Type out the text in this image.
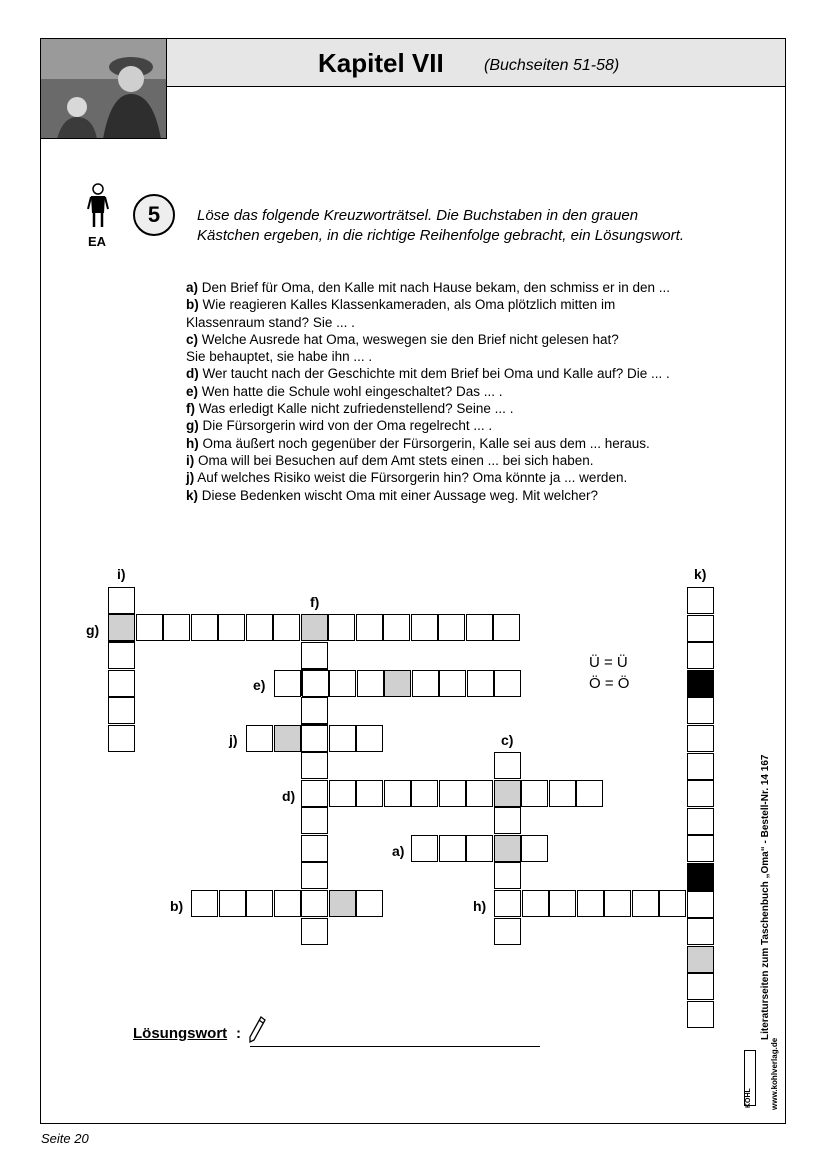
Kapitel VII	(Buchseiten 51-58)
EA
5	Löse das folgende Kreuzworträtsel. Die Buchstaben in den grauen
Kästchen ergeben, in die richtige Reihenfolge gebracht, ein Lösungswort.
a) Den Brief für Oma, den Kalle mit nach Hause bekam, den schmiss er in den ...
b) Wie reagieren Kalles Klassenkameraden, als Oma plötzlich mitten im
Klassenraum stand? Sie ... .
c) Welche Ausrede hat Oma, weswegen sie den Brief nicht gelesen hat?
Sie behauptet, sie habe ihn ... .
d) Wer taucht nach der Geschichte mit dem Brief bei Oma und Kalle auf? Die ... .
e) Wen hatte die Schule wohl eingeschaltet? Das ... .
f) Was erledigt Kalle nicht zufriedenstellend? Seine ... .
g) Die Fürsorgerin wird von der Oma regelrecht ... .
h) Oma äußert noch gegenüber der Fürsorgerin, Kalle sei aus dem ... heraus.
i) Oma will bei Besuchen auf dem Amt stets einen ... bei sich haben.
j) Auf welches Risiko weist die Fürsorgerin hin? Oma könnte ja ... werden.
k) Diese Bedenken wischt Oma mit einer Aussage weg. Mit welcher?
i)	k)
f)
g)
e)
j)	c)
d)
a)
b)	h)
Ü = Ü
Ö = Ö
Lösungswort :	Literaturseiten zum Taschenbuch „Oma“ - Bestell-Nr. 14 167
www.kohlverlag.de
KOHL
Seite 20
